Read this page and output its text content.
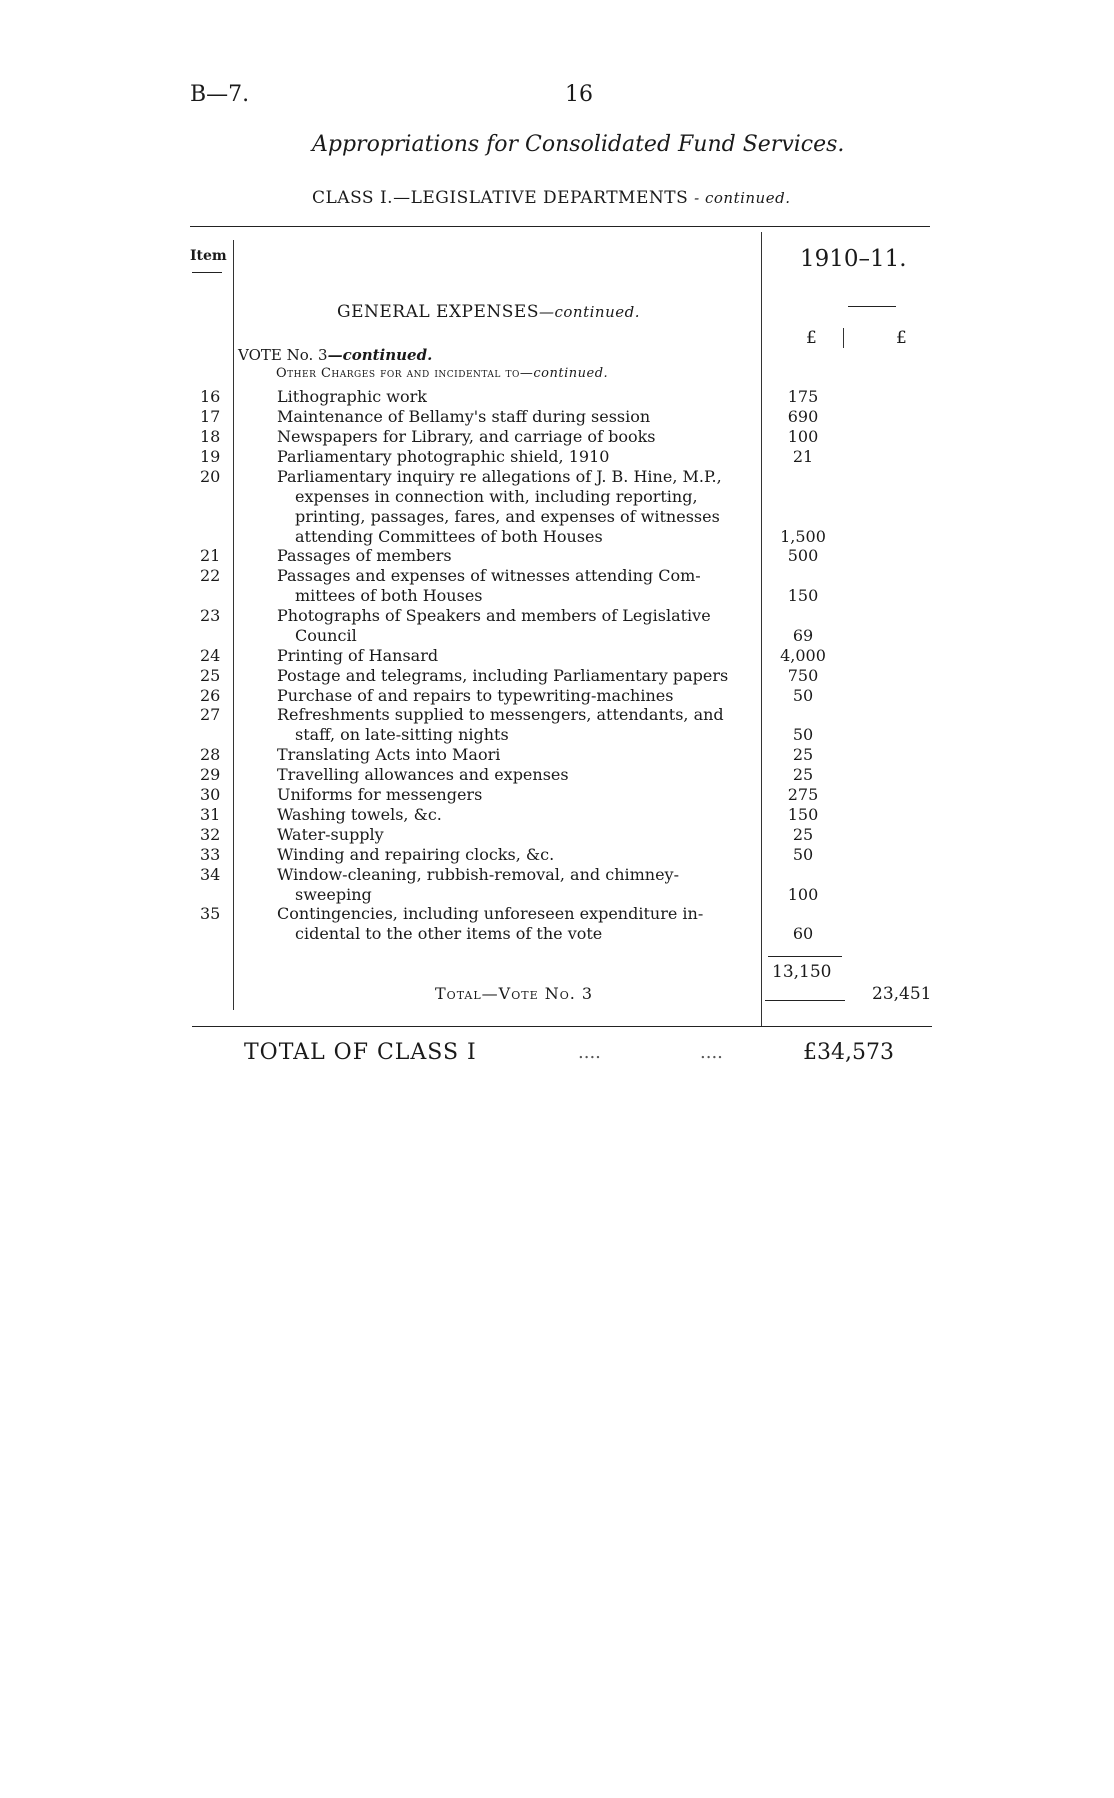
B—7.	16
Appropriations for Consolidated Fund Services.
CLASS I.—LEGISLATIVE DEPARTMENTS - continued.
Item	1910–11.
GENERAL EXPENSES—continued.
£	£
VOTE No. 3—continued.
Other Charges for and incidental to—continued.
16	Lithographic work	175
17	Maintenance of Bellamy's staff during session	690
18	Newspapers for Library, and carriage of books	100
19	Parliamentary photographic shield, 1910	21
20	Parliamentary inquiry re allegations of J. B. Hine, M.P.,
expenses in connection with, including reporting,
printing, passages, fares, and expenses of witnesses
attending Committees of both Houses	1,500
21	Passages of members	500
22	Passages and expenses of witnesses attending Com-
mittees of both Houses	150
23	Photographs of Speakers and members of Legislative
Council	69
24	Printing of Hansard	4,000
25	Postage and telegrams, including Parliamentary papers	750
26	Purchase of and repairs to typewriting-machines	50
27	Refreshments supplied to messengers, attendants, and
staff, on late-sitting nights	50
28	Translating Acts into Maori	25
29	Travelling allowances and expenses	25
30	Uniforms for messengers	275
31	Washing towels, &c.	150
32	Water-supply	25
33	Winding and repairing clocks, &c.	50
34	Window-cleaning, rubbish-removal, and chimney-
sweeping	100
35	Contingencies, including unforeseen expenditure in-
cidental to the other items of the vote	60
13,150
Total—Vote No. 3	23,451
TOTAL OF CLASS I	....	....	£34,573
